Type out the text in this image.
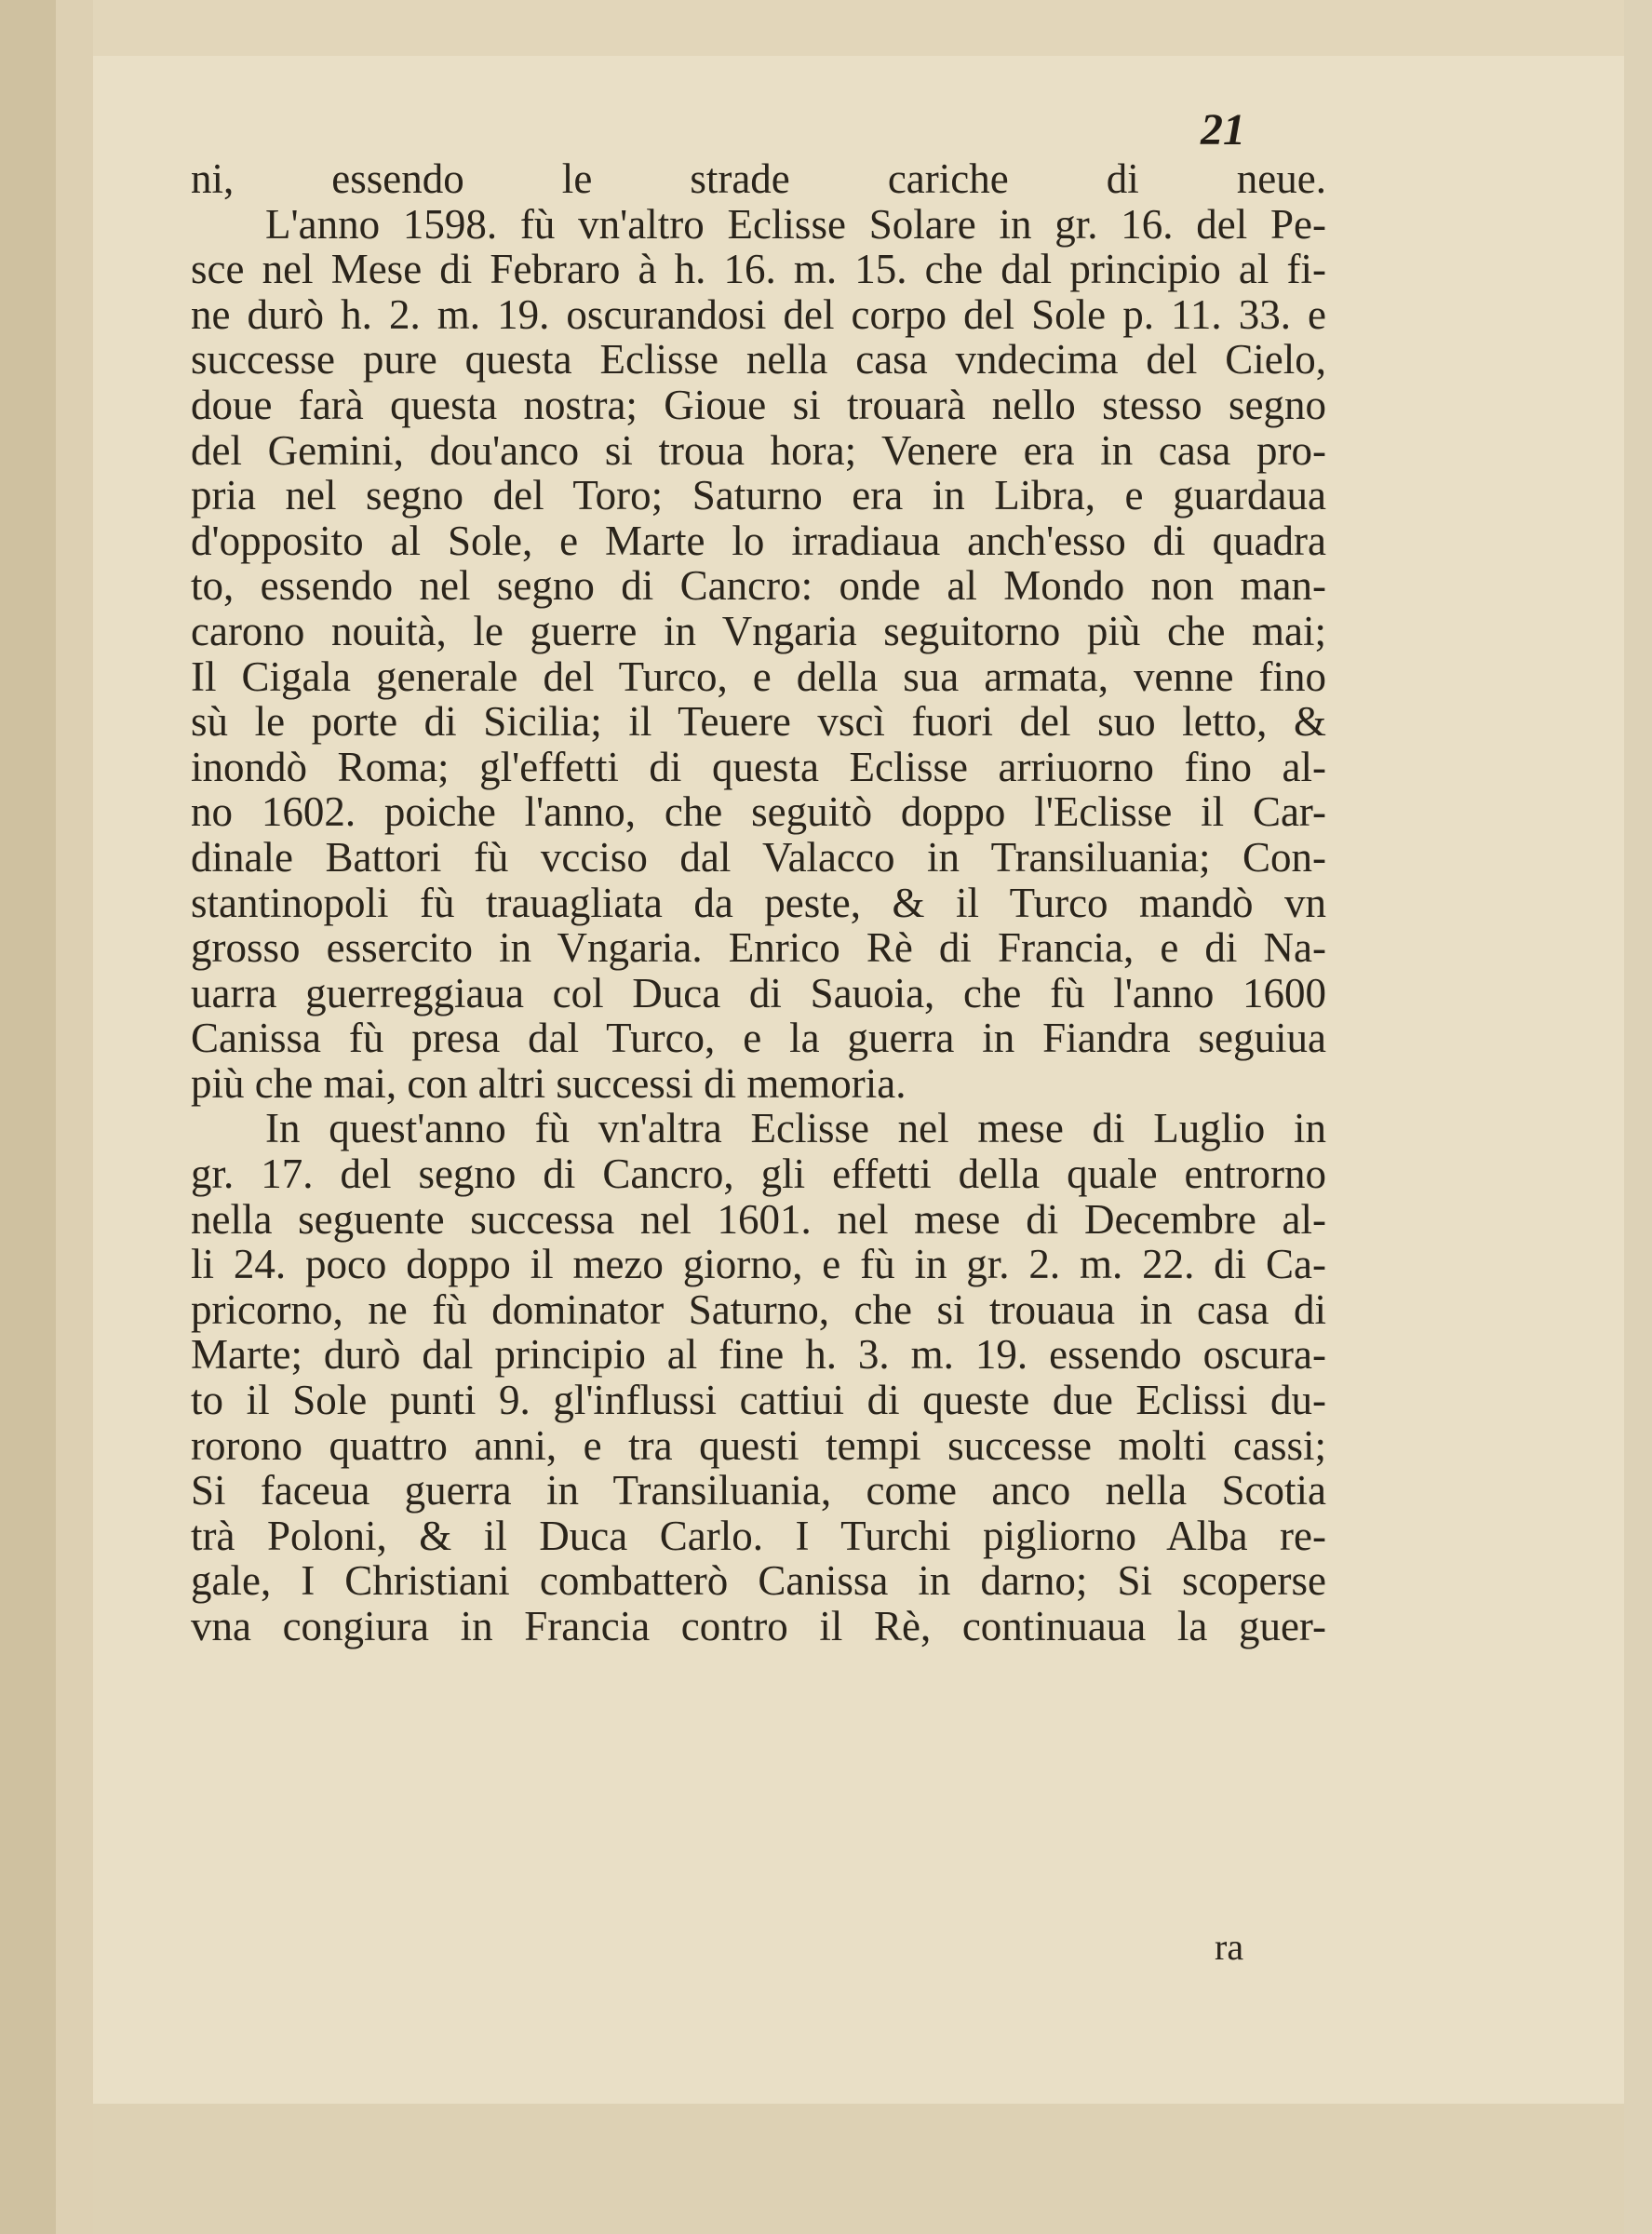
21
ni, essendo le strade cariche di neue.
L'anno 1598. fù vn'altro Eclisse Solare in gr. 16. del Pe-
sce nel Mese di Febraro à h. 16. m. 15. che dal principio al fi-
ne durò h. 2. m. 19. oscurandosi del corpo del Sole p. 11. 33. e
successe pure questa Eclisse nella casa vndecima del Cielo,
doue farà questa nostra; Gioue si trouarà nello stesso segno
del Gemini, dou'anco si troua hora; Venere era in casa pro-
pria nel segno del Toro; Saturno era in Libra, e guardaua
d'opposito al Sole, e Marte lo irradiaua anch'esso di quadra
to, essendo nel segno di Cancro: onde al Mondo non man-
carono nouità, le guerre in Vngaria seguitorno più che mai;
Il Cigala generale del Turco, e della sua armata, venne fino
sù le porte di Sicilia; il Teuere vscì fuori del suo letto, &
inondò Roma; gl'effetti di questa Eclisse arriuorno fino al-
no 1602. poiche l'anno, che seguitò doppo l'Eclisse il Car-
dinale Battori fù vcciso dal Valacco in Transiluania; Con-
stantinopoli fù trauagliata da peste, & il Turco mandò vn
grosso essercito in Vngaria. Enrico Rè di Francia, e di Na-
uarra guerreggiaua col Duca di Sauoia, che fù l'anno 1600
Canissa fù presa dal Turco, e la guerra in Fiandra seguiua
più che mai, con altri successi di memoria.
In quest'anno fù vn'altra Eclisse nel mese di Luglio in
gr. 17. del segno di Cancro, gli effetti della quale entrorno
nella seguente successa nel 1601. nel mese di Decembre al-
li 24. poco doppo il mezo giorno, e fù in gr. 2. m. 22. di Ca-
pricorno, ne fù dominator Saturno, che si trouaua in casa di
Marte; durò dal principio al fine h. 3. m. 19. essendo oscura-
to il Sole punti 9. gl'influssi cattiui di queste due Eclissi du-
rorono quattro anni, e tra questi tempi successe molti cassi;
Si faceua guerra in Transiluania, come anco nella Scotia
trà Poloni, & il Duca Carlo. I Turchi pigliorno Alba re-
gale, I Christiani combatterò Canissa in darno; Si scoperse
vna congiura in Francia contro il Rè, continuaua la guer-
ra
